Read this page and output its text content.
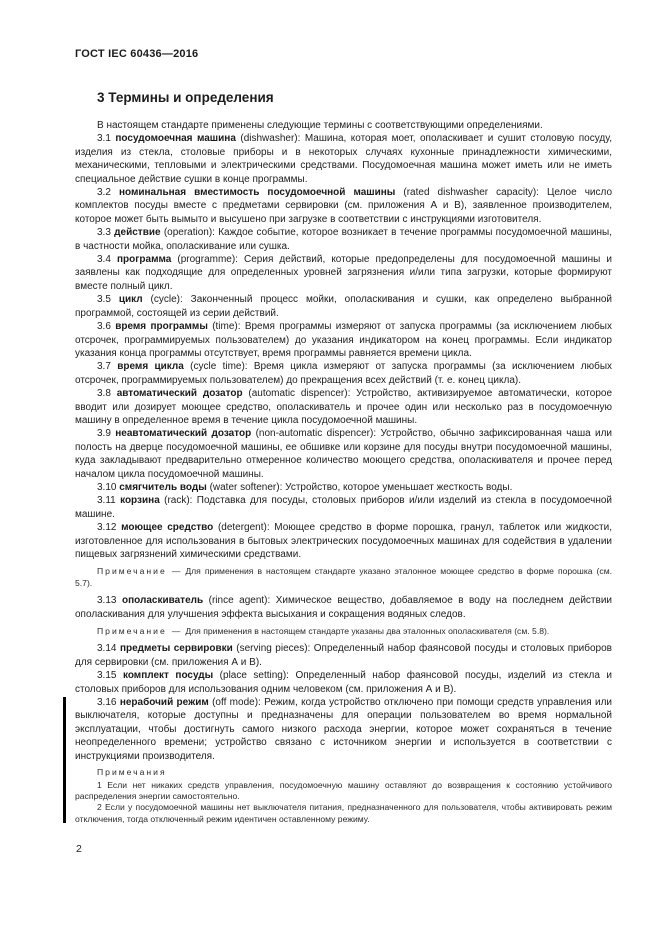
ГОСТ IEC 60436—2016
3 Термины и определения

В настоящем стандарте применены следующие термины с соответствующими определениями.

3.1 посудомоечная машина (dishwasher): Машина, которая моет, ополаскивает и сушит столовую посуду, изделия из стекла, столовые приборы и в некоторых случаях кухонные принадлежности химическими, механическими, тепловыми и электрическими средствами. Посудомоечная машина может иметь или не иметь специальное действие сушки в конце программы.

3.2 номинальная вместимость посудомоечной машины (rated dishwasher capacity): Целое число комплектов посуды вместе с предметами сервировки (см. приложения А и В), заявленное производителем, которое может быть вымыто и высушено при загрузке в соответствии с инструкциями изготовителя.

3.3 действие (operation): Каждое событие, которое возникает в течение программы посудомоечной машины, в частности мойка, ополаскивание или сушка.

3.4 программа (programme): Серия действий, которые предопределены для посудомоечной машины и заявлены как подходящие для определенных уровней загрязнения и/или типа загрузки, которые формируют вместе полный цикл.

3.5 цикл (cycle): Законченный процесс мойки, ополаскивания и сушки, как определено выбранной программой, состоящей из серии действий.

3.6 время программы (time): Время программы измеряют от запуска программы (за исключением любых отсрочек, программируемых пользователем) до указания индикатором на конец программы. Если индикатор указания конца программы отсутствует, время программы равняется времени цикла.

3.7 время цикла (cycle time): Время цикла измеряют от запуска программы (за исключением любых отсрочек, программируемых пользователем) до прекращения всех действий (т. е. конец цикла).

3.8 автоматический дозатор (automatic dispencer): Устройство, активизируемое автоматически, которое вводит или дозирует моющее средство, ополаскиватель и прочее один или несколько раз в посудомоечную машину в определенное время в течение цикла посудомоечной машины.

3.9 неавтоматический дозатор (non-automatic dispencer): Устройство, обычно зафиксированная чаша или полость на дверце посудомоечной машины, ее обшивке или корзине для посуды внутри посудомоечной машины, куда закладывают предварительно отмеренное количество моющего средства, ополаскивателя и прочее перед началом цикла посудомоечной машины.

3.10 смягчитель воды (water softener): Устройство, которое уменьшает жесткость воды.

3.11 корзина (rack): Подставка для посуды, столовых приборов и/или изделий из стекла в посудомоечной машине.

3.12 моющее средство (detergent): Моющее средство в форме порошка, гранул, таблеток или жидкости, изготовленное для использования в бытовых электрических посудомоечных машинах для содействия в удалении пищевых загрязнений химическими средствами.

Примечание — Для применения в настоящем стандарте указано эталонное моющее средство в форме порошка (см. 5.7).

3.13 ополаскиватель (rince agent): Химическое вещество, добавляемое в воду на последнем действии ополаскивания для улучшения эффекта высыхания и сокращения водяных следов.

Примечание — Для применения в настоящем стандарте указаны два эталонных ополаскивателя (см. 5.8).

3.14 предметы сервировки (serving pieces): Определенный набор фаянсовой посуды и столовых приборов для сервировки (см. приложения А и В).

3.15 комплект посуды (place setting): Определенный набор фаянсовой посуды, изделий из стекла и столовых приборов для использования одним человеком (см. приложения А и В).

3.16 нерабочий режим (off mode): Режим, когда устройство отключено при помощи средств управления или выключателя, которые доступны и предназначены для операции пользователем во время нормальной эксплуатации, чтобы достигнуть самого низкого расхода энергии, которое может сохраняться в течение неопределенного времени; устройство связано с источником энергии и используется в соответствии с инструкциями производителя.

Примечания

1 Если нет никаких средств управления, посудомоечную машину оставляют до возвращения к состоянию устойчивого распределения энергии самостоятельно.

2 Если у посудомоечной машины нет выключателя питания, предназначенного для пользователя, чтобы активировать режим отключения, тогда отключенный режим идентичен оставленному режиму.

2
